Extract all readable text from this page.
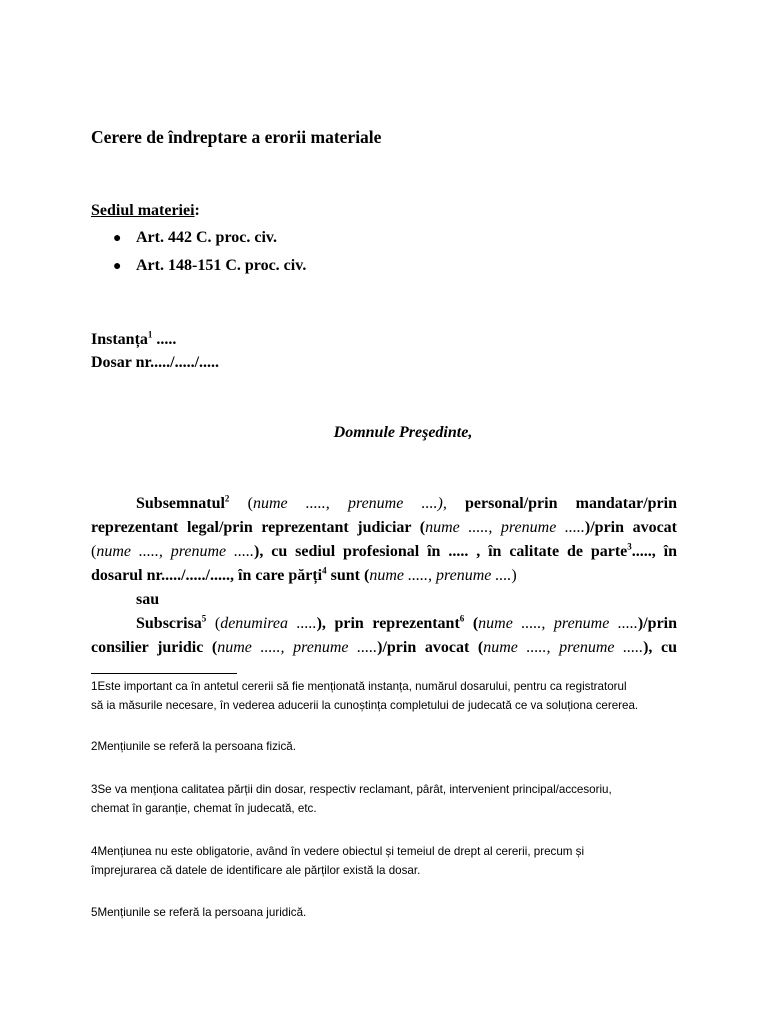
Cerere de îndreptare a erorii materiale
Sediul materiei:
● Art. 442 C. proc. civ.
● Art. 148-151 C. proc. civ.
Instanța$^1$ .....
Dosar nr...../...../.....
Domnule Preşedinte,

Subsemnatul$^2$ (nume ....., prenume ....), personal/prin mandatar/prin

reprezentant legal/prin reprezentant judiciar (nume ....., prenume .....)/prin avocat

(nume ....., prenume .....), cu sediul profesional în ..... , în calitate de parte$^3$....., în

dosarul nr...../...../....., în care părți$^4$ sunt (nume ....., prenume ....)

sau

Subscrisa$^5$ (denumirea .....), prin reprezentant$^6$ (nume ....., prenume .....)/prin

consilier juridic (nume ....., prenume .....)/prin avocat (nume ....., prenume .....), cu

1Este important ca în antetul cererii să fie menționată instanța, numărul dosarului, pentru ca registratorul
să ia măsurile necesare, în vederea aducerii la cunoștința completului de judecată ce va soluționa cererea.
2Mențiunile se referă la persoana fizică.
3Se va menționa calitatea părții din dosar, respectiv reclamant, pârât, intervenient principal/accesoriu,
chemat în garanție, chemat în judecată, etc.
4Mențiunea nu este obligatorie, având în vedere obiectul și temeiul de drept al cererii, precum și
împrejurarea că datele de identificare ale părților există la dosar.
5Mențiunile se referă la persoana juridică.
